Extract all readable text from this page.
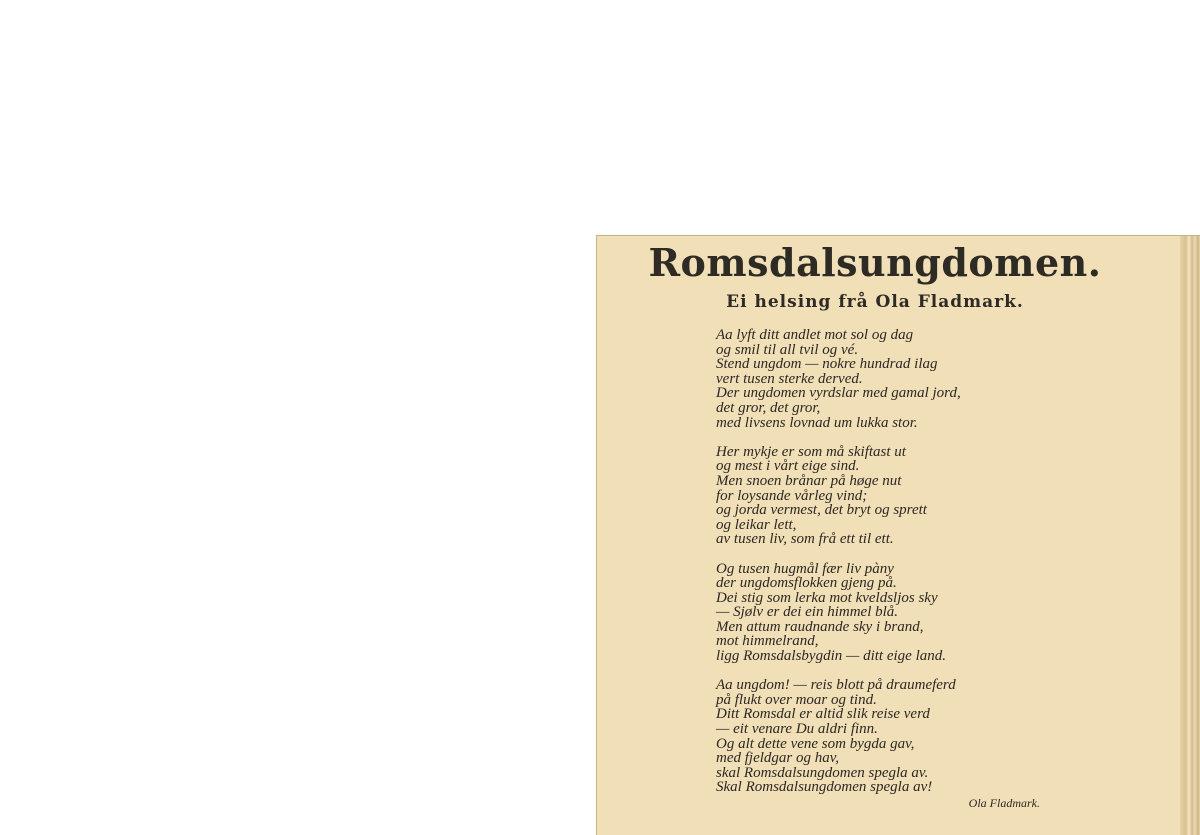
Romsdalsungdomen.
Ei helsing frå Ola Fladmark.
Aa lyft ditt andlet mot sol og dag
og smil til all tvil og vé.
Stend ungdom — nokre hundrad ilag
vert tusen sterke derved.
Der ungdomen vyrdslar med gamal jord,
det gror, det gror,
med livsens lovnad um lukka stor.
Her mykje er som må skiftast ut
og mest i vårt eige sind.
Men snoen brånar på høge nut
for loysande vårleg vind;
og jorda vermest, det bryt og sprett
og leikar lett,
av tusen liv, som frå ett til ett.
Og tusen hugmål fær liv pàny
der ungdomsflokken gjeng på.
Dei stig som lerka mot kveldsljos sky
— Sjølv er dei ein himmel blå.
Men attum raudnande sky i brand,
mot himmelrand,
ligg Romsdalsbygdin — ditt eige land.
Aa ungdom! — reis blott på draumeferd
på flukt over moar og tind.
Ditt Romsdal er altid slik reise verd
— eit venare Du aldri finn.
Og alt dette vene som bygda gav,
med fjeldgar og hav,
skal Romsdalsungdomen spegla av.
Skal Romsdalsungdomen spegla av!
Ola Fladmark.
